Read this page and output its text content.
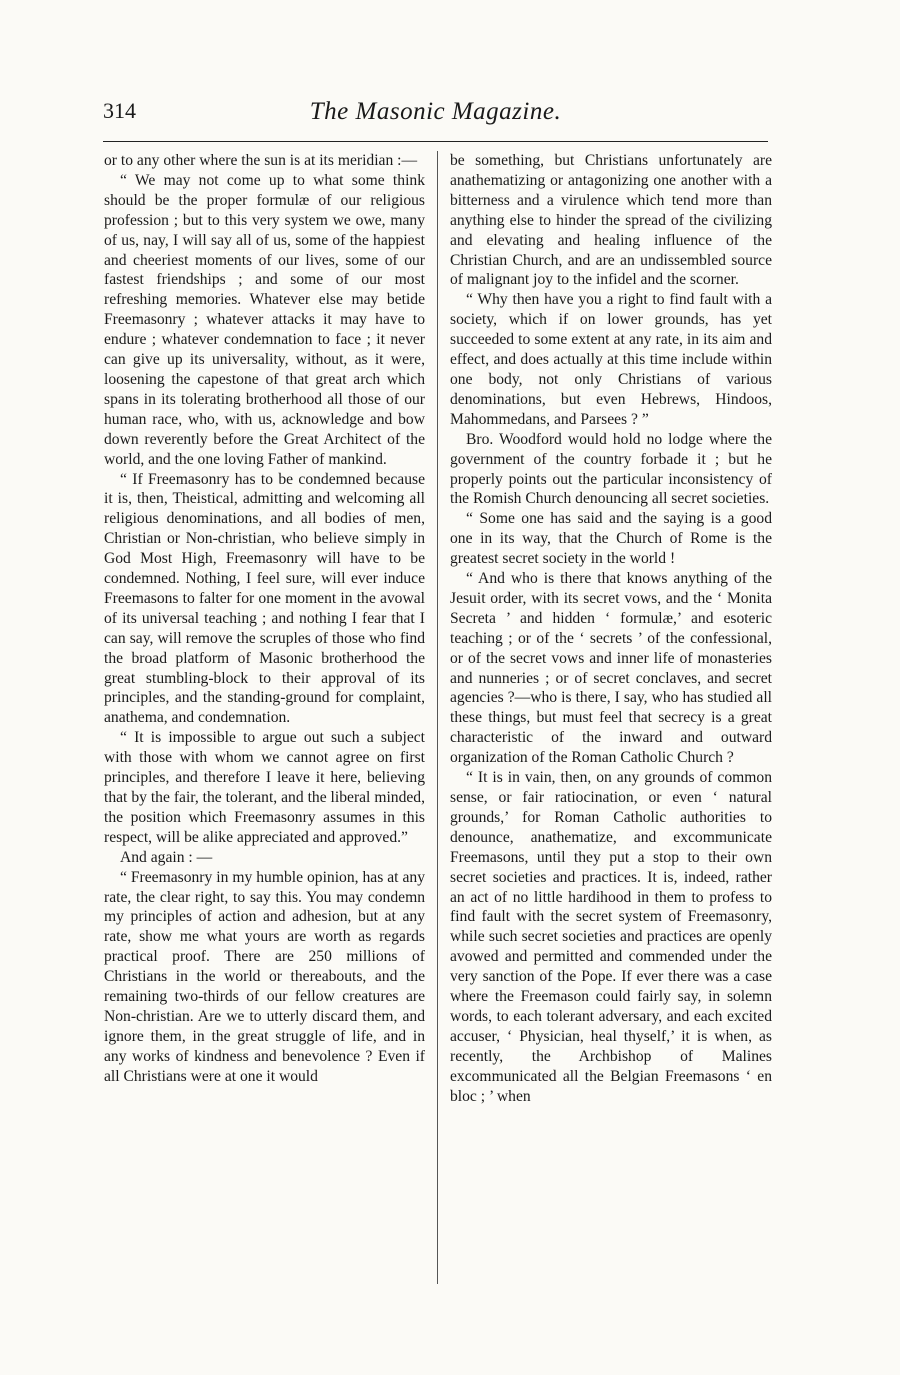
314	The Masonic Magazine.

or to any other where the sun is at its meridian :—

“ We may not come up to what some think should be the proper formulæ of our religious profession ; but to this very system we owe, many of us, nay, I will say all of us, some of the happiest and cheeriest moments of our lives, some of our fastest friendships ; and some of our most refreshing memories. Whatever else may betide Freemasonry ; whatever attacks it may have to endure ; whatever condemnation to face ; it never can give up its universality, without, as it were, loosening the capestone of that great arch which spans in its tolerating brotherhood all those of our human race, who, with us, acknowledge and bow down reverently before the Great Architect of the world, and the one loving Father of mankind.

“ If Freemasonry has to be condemned because it is, then, Theistical, admitting and welcoming all religious denominations, and all bodies of men, Christian or Non-christian, who believe simply in God Most High, Freemasonry will have to be condemned. Nothing, I feel sure, will ever induce Freemasons to falter for one moment in the avowal of its universal teaching ; and nothing I fear that I can say, will remove the scruples of those who find the broad platform of Masonic brotherhood the great stumbling-block to their approval of its principles, and the standing-ground for complaint, anathema, and condemnation.

“ It is impossible to argue out such a subject with those with whom we cannot agree on first principles, and therefore I leave it here, believing that by the fair, the tolerant, and the liberal minded, the position which Freemasonry assumes in this respect, will be alike appreciated and approved.”

And again : —

“ Freemasonry in my humble opinion, has at any rate, the clear right, to say this. You may condemn my principles of action and adhesion, but at any rate, show me what yours are worth as regards practical proof. There are 250 millions of Christians in the world or thereabouts, and the remaining two-thirds of our fellow creatures are Non-christian. Are we to utterly discard them, and ignore them, in the great struggle of life, and in any works of kindness and benevolence ? Even if all Christians were at one it would

be something, but Christians unfortunately are anathematizing or antagonizing one another with a bitterness and a virulence which tend more than anything else to hinder the spread of the civilizing and elevating and healing influence of the Christian Church, and are an undissembled source of malignant joy to the infidel and the scorner.

“ Why then have you a right to find fault with a society, which if on lower grounds, has yet succeeded to some extent at any rate, in its aim and effect, and does actually at this time include within one body, not only Christians of various denominations, but even Hebrews, Hindoos, Mahommedans, and Parsees ? ”

Bro. Woodford would hold no lodge where the government of the country forbade it ; but he properly points out the particular inconsistency of the Romish Church denouncing all secret societies.

“ Some one has said and the saying is a good one in its way, that the Church of Rome is the greatest secret society in the world !

“ And who is there that knows anything of the Jesuit order, with its secret vows, and the ‘ Monita Secreta ’ and hidden ‘ formulæ,’ and esoteric teaching ; or of the ‘ secrets ’ of the confessional, or of the secret vows and inner life of monasteries and nunneries ; or of secret conclaves, and secret agencies ?—who is there, I say, who has studied all these things, but must feel that secrecy is a great characteristic of the inward and outward organization of the Roman Catholic Church ?

“ It is in vain, then, on any grounds of common sense, or fair ratiocination, or even ‘ natural grounds,’ for Roman Catholic authorities to denounce, anathematize, and excommunicate Freemasons, until they put a stop to their own secret societies and practices. It is, indeed, rather an act of no little hardihood in them to profess to find fault with the secret system of Freemasonry, while such secret societies and practices are openly avowed and permitted and commended under the very sanction of the Pope. If ever there was a case where the Freemason could fairly say, in solemn words, to each tolerant adversary, and each excited accuser, ‘ Physician, heal thyself,’ it is when, as recently, the Archbishop of Malines excommunicated all the Belgian Freemasons ‘ en bloc ; ’ when
